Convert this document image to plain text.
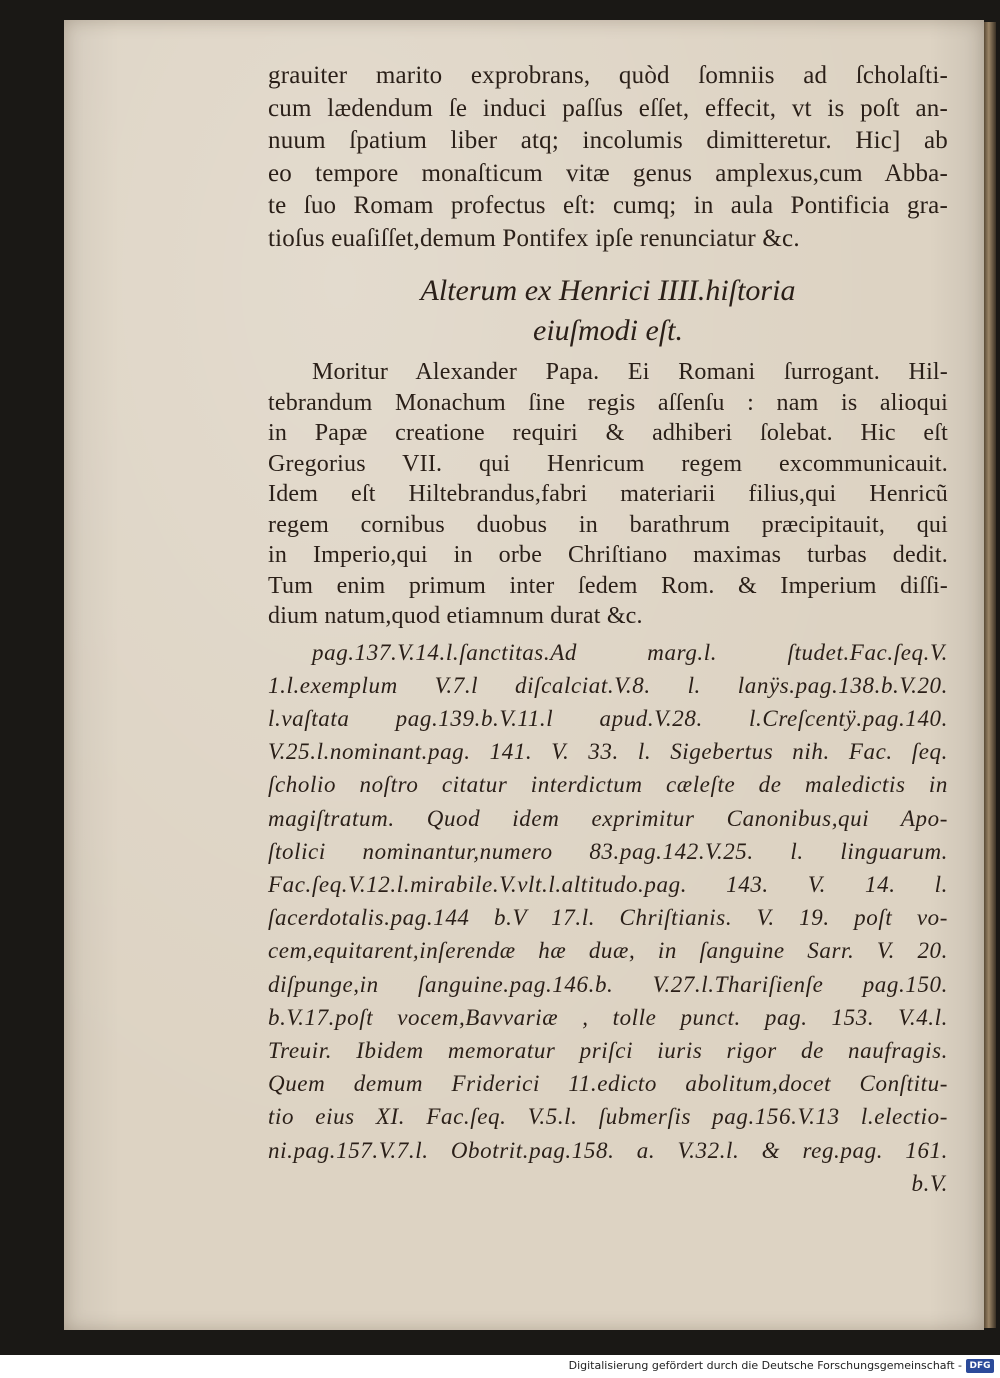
grauiter marito exprobrans, quòd ſomniis ad ſcholaſti-
cum lædendum ſe induci paſſus eſſet, effecit, vt is poſt an-
nuum ſpatium liber atq; incolumis dimitteretur. Hic] ab
eo tempore monaſticum vitæ genus amplexus,cum Abba-
te ſuo Romam profectus eſt: cumq; in aula Pontificia gra-
tioſus euaſiſſet,demum Pontifex ipſe renunciatur &c.
Alterum ex Henrici IIII.hiſtoria
eiuſmodi eſt.
Moritur Alexander Papa. Ei Romani ſurrogant. Hil-
tebrandum Monachum ſine regis aſſenſu : nam is alioqui
in Papæ creatione requiri & adhiberi ſolebat. Hic eſt
Gregorius VII. qui Henricum regem excommunicauit.
Idem eſt Hiltebrandus,fabri materiarii filius,qui Henricũ
regem cornibus duobus in barathrum præcipitauit, qui
in Imperio,qui in orbe Chriſtiano maximas turbas dedit.
Tum enim primum inter ſedem Rom. & Imperium diſſi-
dium natum,quod etiamnum durat &c.
pag.137.V.14.l.ſanctitas.Ad marg.l. ſtudet.Fac.ſeq.V.
1.l.exemplum V.7.l diſcalciat.V.8. l. lanÿs.pag.138.b.V.20.
l.vaſtata pag.139.b.V.11.l apud.V.28. l.Creſcentÿ.pag.140.
V.25.l.nominant.pag. 141. V. 33. l. Sigebertus nih. Fac. ſeq.
ſcholio noſtro citatur interdictum cæleſte de maledictis in
magiſtratum. Quod idem exprimitur Canonibus,qui Apo-
ſtolici nominantur,numero 83.pag.142.V.25. l. linguarum.
Fac.ſeq.V.12.l.mirabile.V.vlt.l.altitudo.pag. 143. V. 14. l.
ſacerdotalis.pag.144 b.V 17.l. Chriſtianis. V. 19. poſt vo-
cem,equitarent,inſerendæ hæ duæ, in ſanguine Sarr. V. 20.
diſpunge,in ſanguine.pag.146.b. V.27.l.Thariſienſe pag.150.
b.V.17.poſt vocem,Bavvariæ , tolle punct. pag. 153. V.4.l.
Treuir. Ibidem memoratur priſci iuris rigor de naufragis.
Quem demum Friderici 11.edicto abolitum,docet Conſtitu-
tio eius XI. Fac.ſeq. V.5.l. ſubmerſis pag.156.V.13 l.electio-
ni.pag.157.V.7.l. Obotrit.pag.158. a. V.32.l. & reg.pag. 161.
b.V.
Digitalisierung gefördert durch die Deutsche Forschungsgemeinschaft - DFG
